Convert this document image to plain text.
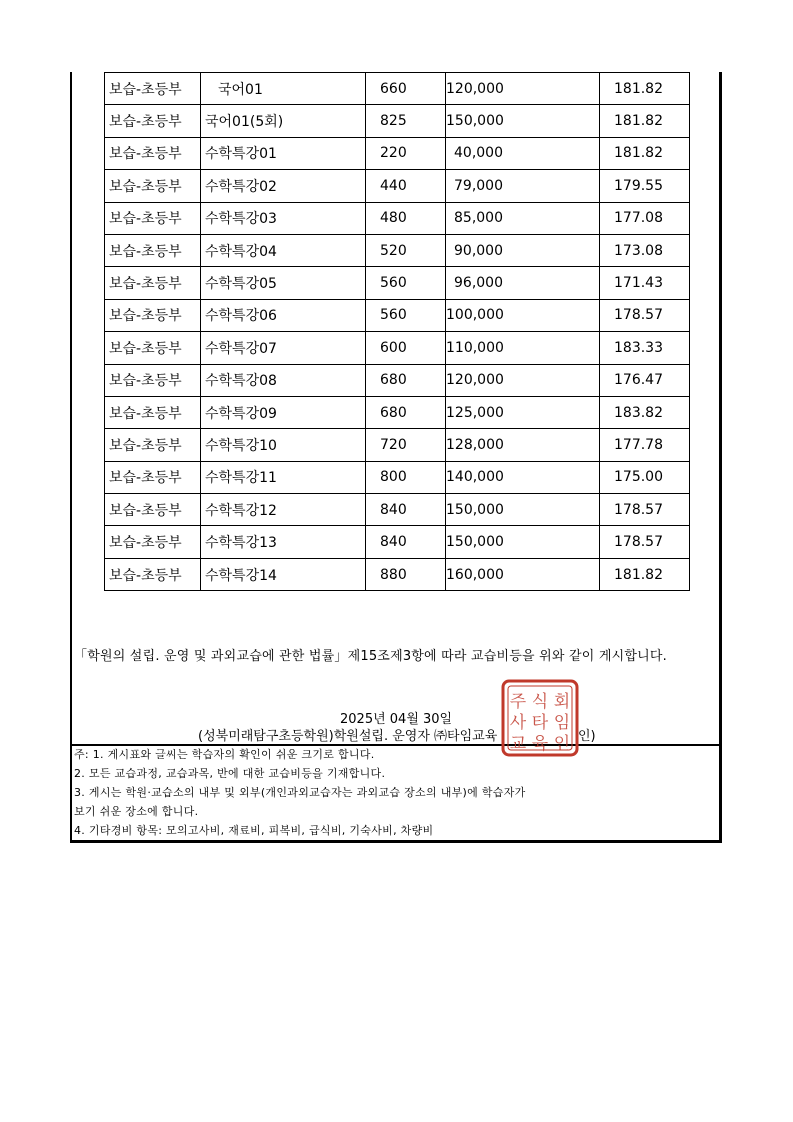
보습-초등부	국어01	660	120,000	181.82
보습-초등부	국어01(5회)	825	150,000	181.82
보습-초등부	수학특강01	220	40,000	181.82
보습-초등부	수학특강02	440	79,000	179.55
보습-초등부	수학특강03	480	85,000	177.08
보습-초등부	수학특강04	520	90,000	173.08
보습-초등부	수학특강05	560	96,000	171.43
보습-초등부	수학특강06	560	100,000	178.57
보습-초등부	수학특강07	600	110,000	183.33
보습-초등부	수학특강08	680	120,000	176.47
보습-초등부	수학특강09	680	125,000	183.82
보습-초등부	수학특강10	720	128,000	177.78
보습-초등부	수학특강11	800	140,000	175.00
보습-초등부	수학특강12	840	150,000	178.57
보습-초등부	수학특강13	840	150,000	178.57
보습-초등부	수학특강14	880	160,000	181.82
「학원의 설립. 운영 및 과외교습에 관한 법률」제15조제3항에 따라 교습비등을 위와 같이 게시합니다.
2025년 04월 30일
(성북미래탐구초등학원)학원설립. 운영자 ㈜타임교육	인)
주: 1. 게시표와 글씨는 학습자의 확인이 쉬운 크기로 합니다.
2. 모든 교습과정, 교습과목, 반에 대한 교습비등을 기재합니다.
3. 게시는 학원·교습소의 내부 및 외부(개인과외교습자는 과외교습 장소의 내부)에 학습자가
보기 쉬운 장소에 합니다.
4. 기타경비 항목: 모의고사비, 재료비, 피복비, 급식비, 기숙사비, 차량비
주 식 회
사 타 임
교 육 인
